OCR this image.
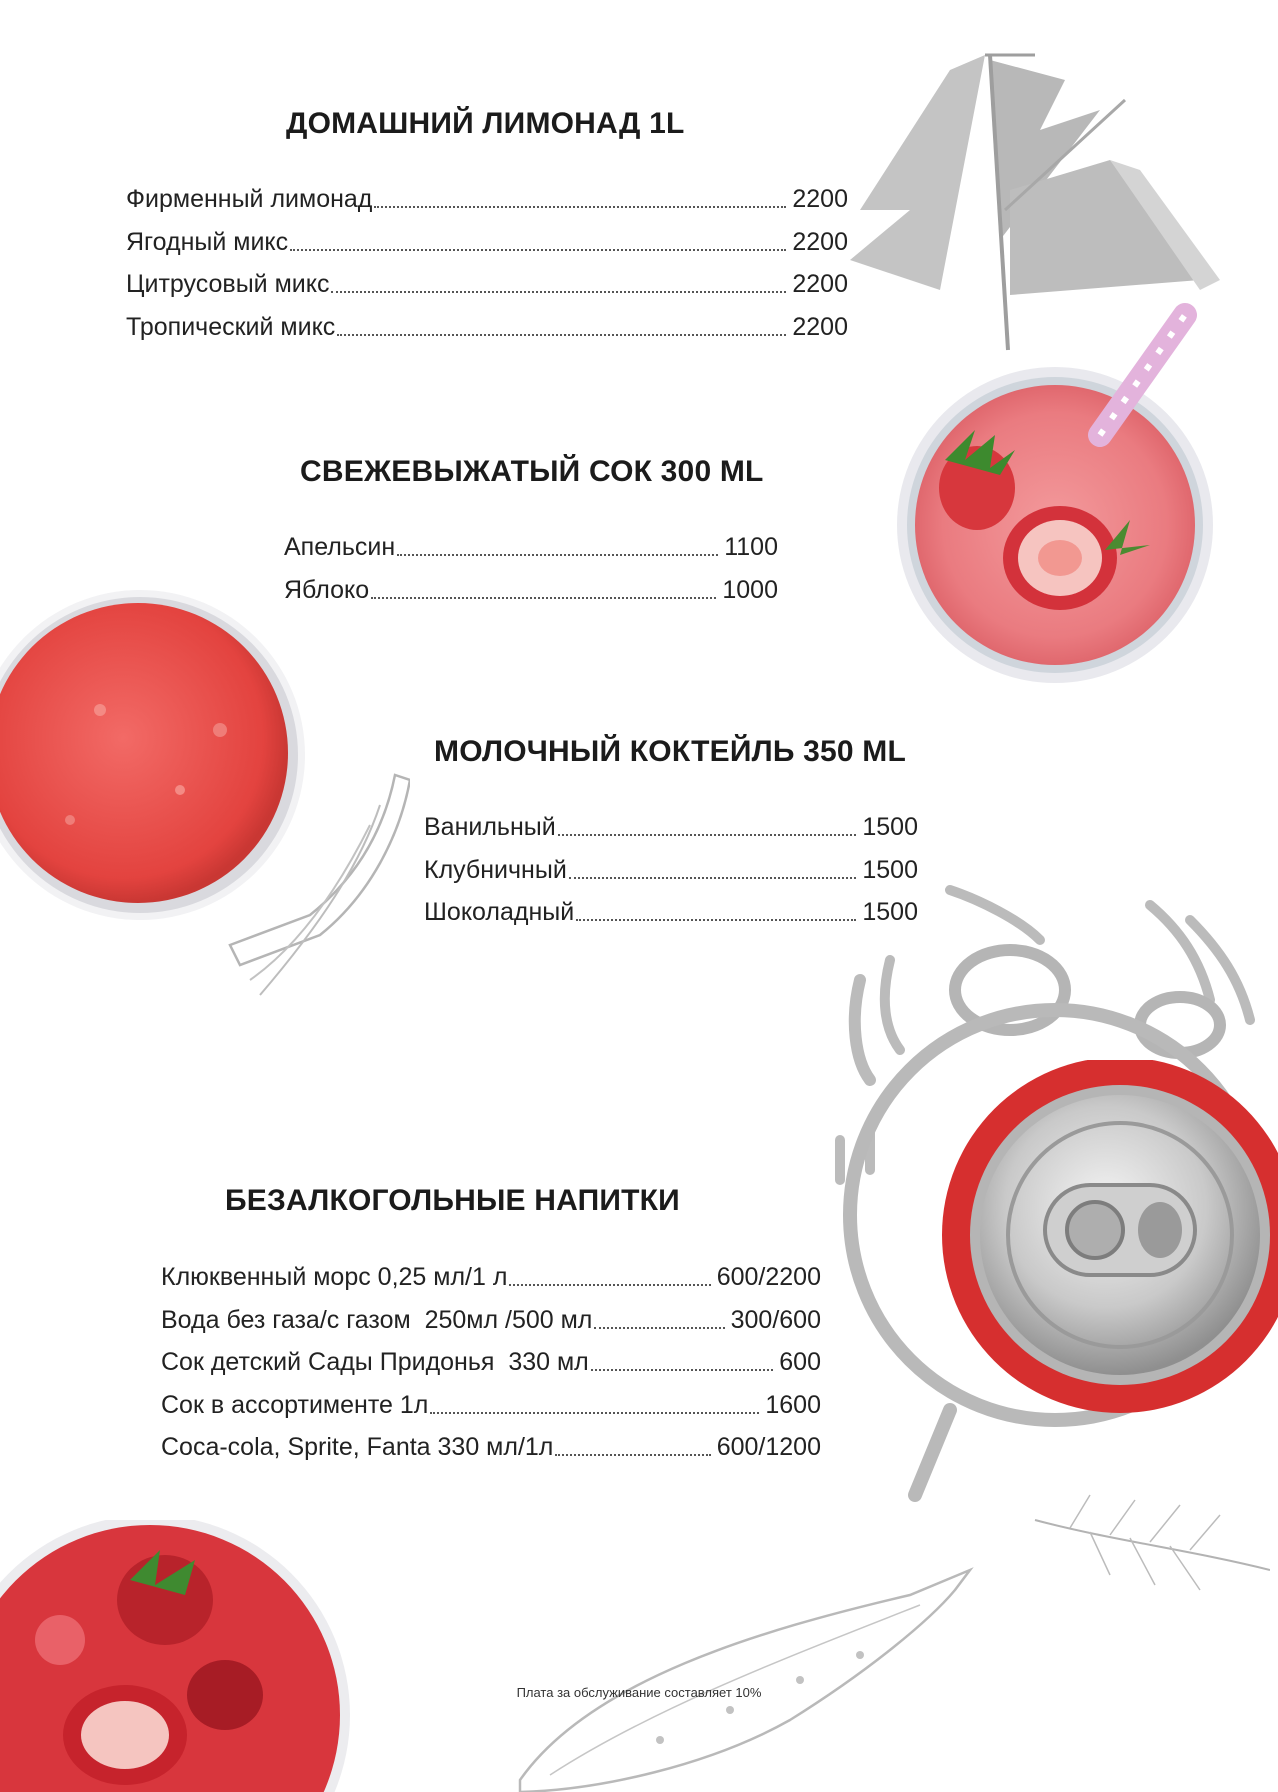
ДОМАШНИЙ ЛИМОНАД 1L
Фирменный лимонад	2200
Ягодный микс	2200
Цитрусовый микс	2200
Тропический микс	2200
СВЕЖЕВЫЖАТЫЙ СОК 300 ML
Апельсин	1100
Яблоко	1000
МОЛОЧНЫЙ КОКТЕЙЛЬ 350 ML
Ванильный	1500
Клубничный	1500
Шоколадный	1500
БЕЗАЛКОГОЛЬНЫЕ НАПИТКИ
Клюквенный морс 0,25 мл/1 л	600/2200
Вода без газа/с газом  250мл /500 мл	300/600
Сок детский Сады Придонья  330 мл	600
Сок в ассортименте 1л	1600
Coca-cola, Sprite, Fanta 330 мл/1л	600/1200
Плата за обслуживание составляет 10%
